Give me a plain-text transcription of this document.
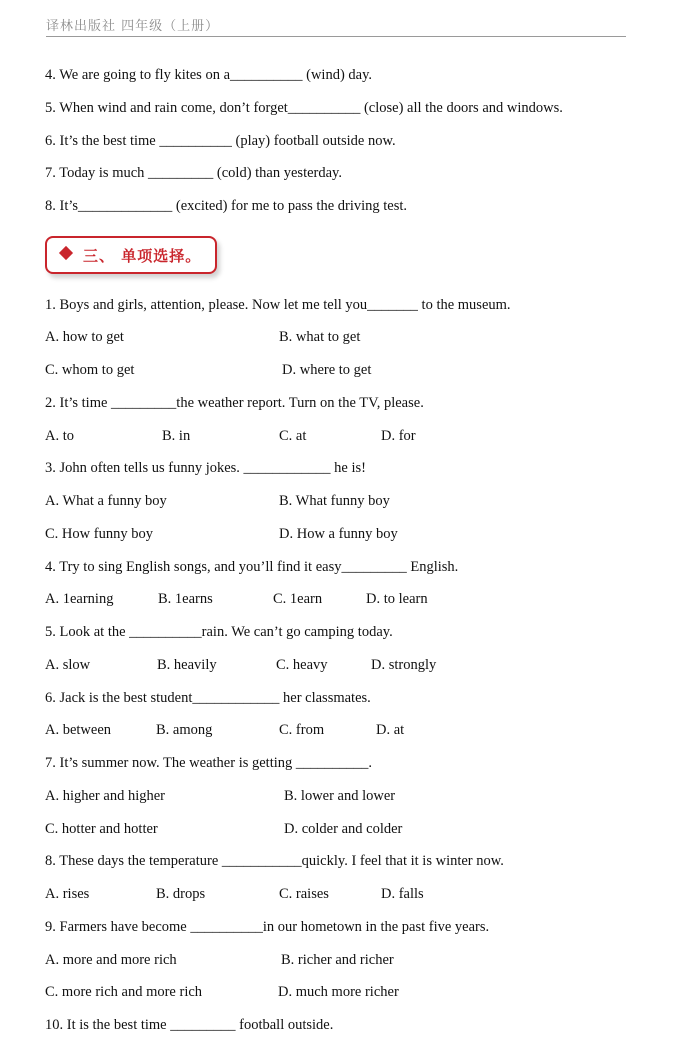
译林出版社 四年级（上册）
4. We are going to fly kites on a__________ (wind) day.
5. When wind and rain come, don’t forget__________ (close) all the doors and windows.
6. It’s the best time __________ (play) football outside now.
7. Today is much _________ (cold) than yesterday.
8. It’s_____________ (excited) for me to pass the driving test.
三、 单项选择。
1. Boys and girls, attention, please. Now let me tell you_______ to the museum.
A. how to get	B. what to get
C. whom to get	D. where to get
2. It’s time _________the weather report. Turn on the TV, please.
A. to	B. in	C. at	D. for
3. John often tells us funny jokes. ____________ he is!
A. What a funny boy	B. What funny boy
C. How funny boy	D. How a funny boy
4. Try to sing English songs, and you’ll find it easy_________ English.
A. 1earning	B. 1earns	C. 1earn	D. to learn
5. Look at the __________rain. We can’t go camping today.
A. slow	B. heavily	C. heavy	D. strongly
6. Jack is the best student____________ her classmates.
A. between	B. among	C. from	D. at
7. It’s summer now. The weather is getting __________.
A. higher and higher	B. lower and lower
C. hotter and hotter	D. colder and colder
8. These days the temperature ___________quickly. I feel that it is winter now.
A. rises	B. drops	C. raises	D. falls
9. Farmers have become __________in our hometown in the past five years.
A. more and more rich	B. richer and richer
C. more rich and more rich	D. much more richer
10. It is the best time _________ football outside.
